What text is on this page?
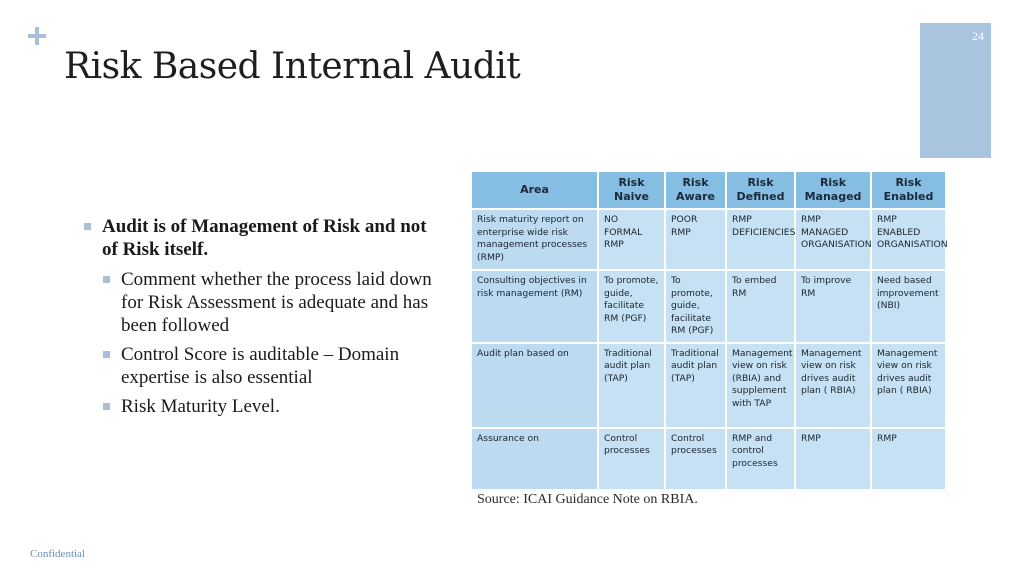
Risk Based Internal Audit
24
Audit is of Management of Risk and not of Risk itself.
Comment whether the process laid down for Risk Assessment is adequate and has been followed
Control Score is auditable – Domain expertise is also essential
Risk Maturity Level.
Area	Risk Naive	Risk Aware	Risk Defined	Risk Managed	Risk Enabled
Risk maturity report on enterprise wide risk management processes (RMP)	NO FORMAL RMP	POOR RMP	RMP DEFICIENCIES	RMP MANAGED ORGANISATION	RMP ENABLED ORGANISATION
Consulting objectives in risk management (RM)	To promote, guide, facilitate RM (PGF)	To promote, guide, facilitate RM (PGF)	To embed RM	To improve RM	Need based improvement (NBI)
Audit plan based on	Traditional audit plan (TAP)	Traditional audit plan (TAP)	Management view on risk (RBIA) and supplement with TAP	Management view on risk drives audit plan ( RBIA)	Management view on risk drives audit plan ( RBIA)
Assurance on	Control processes	Control processes	RMP and control processes	RMP	RMP
Source: ICAI Guidance Note on RBIA.
Confidential
